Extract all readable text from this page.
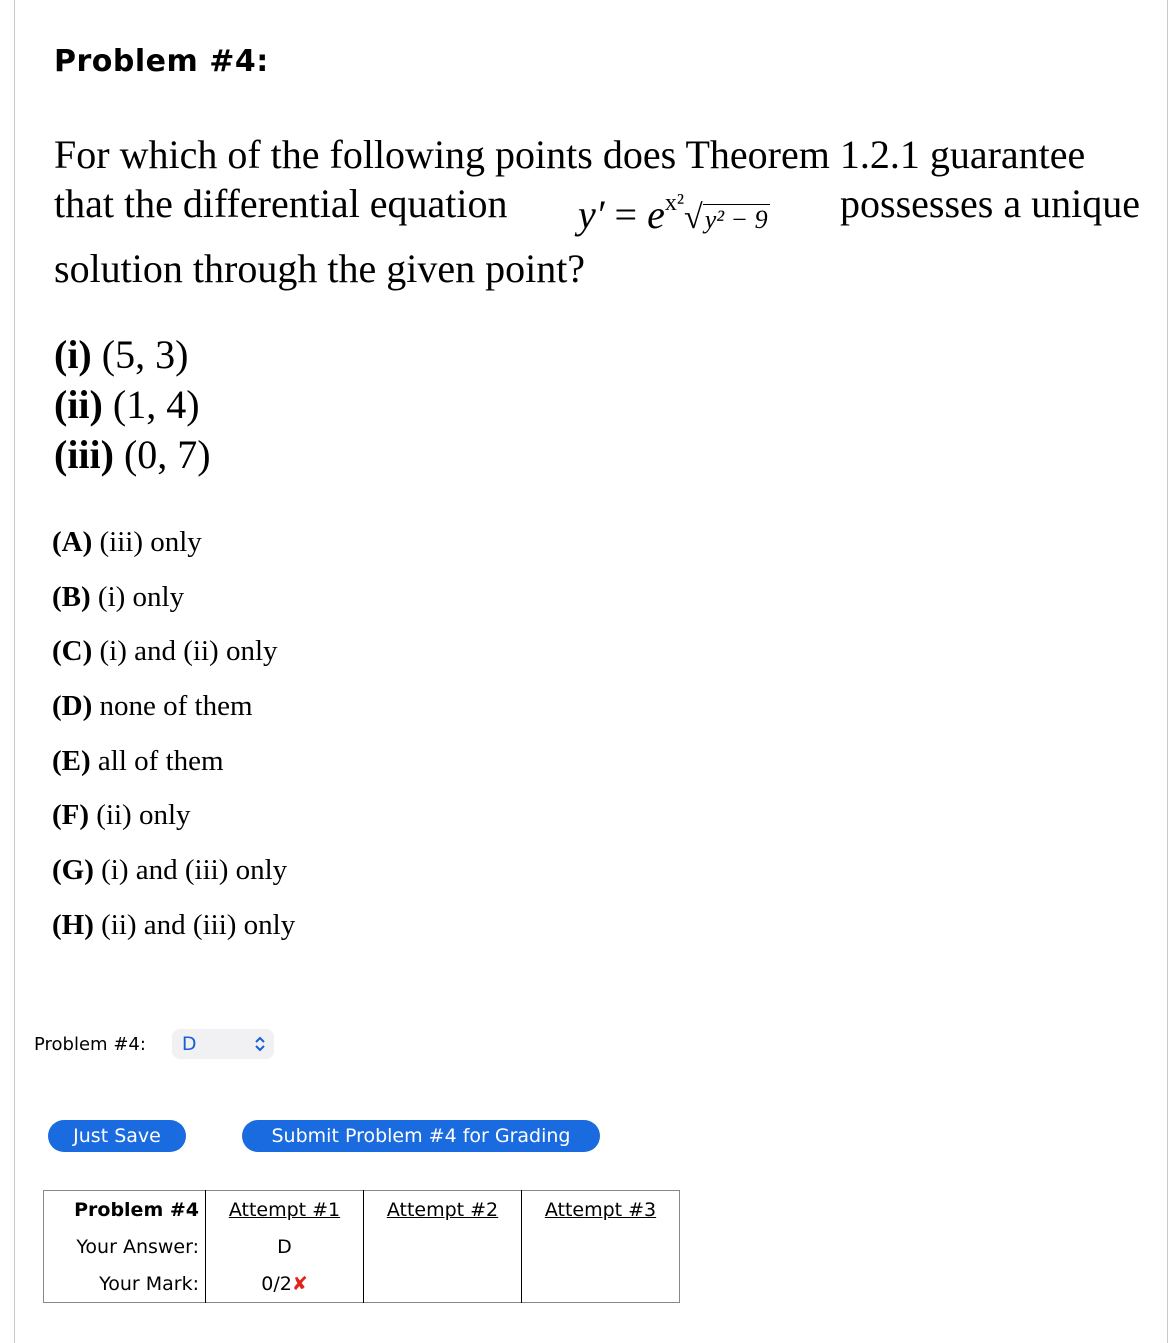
Problem #4:
For which of the following points does Theorem 1.2.1 guarantee
that the differential equation $y' = e^{x^2}√y^2 - 9$ possesses a unique
solution through the given point?
(i) (5, 3)
(ii) (1, 4)
(iii) (0, 7)
(A) (iii) only
(B) (i) only
(C) (i) and (ii) only
(D) none of them
(E) all of them
(F) (ii) only
(G) (i) and (iii) only
(H) (ii) and (iii) only
Problem #4:	D
Just Save	Submit Problem #4 for Grading
Problem #4	Attempt #1	Attempt #2	Attempt #3
Your Answer:	D		
Your Mark:	0/2✘		
